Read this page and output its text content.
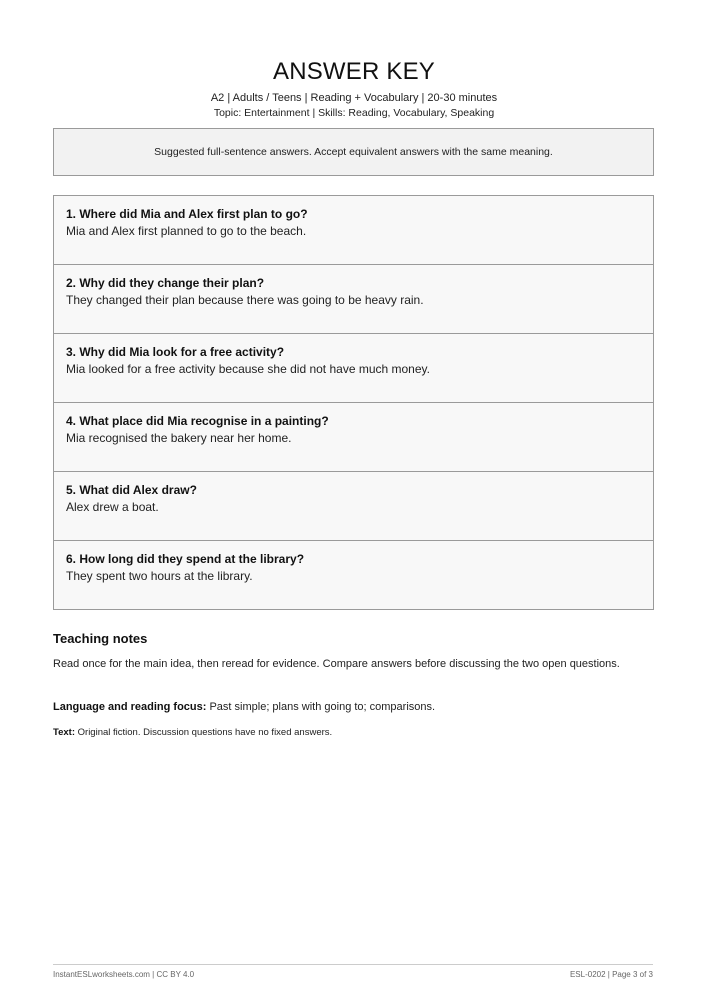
ANSWER KEY
A2 | Adults / Teens | Reading + Vocabulary | 20-30 minutes
Topic: Entertainment | Skills: Reading, Vocabulary, Speaking
Suggested full-sentence answers. Accept equivalent answers with the same meaning.
1. Where did Mia and Alex first plan to go?
Mia and Alex first planned to go to the beach.
2. Why did they change their plan?
They changed their plan because there was going to be heavy rain.
3. Why did Mia look for a free activity?
Mia looked for a free activity because she did not have much money.
4. What place did Mia recognise in a painting?
Mia recognised the bakery near her home.
5. What did Alex draw?
Alex drew a boat.
6. How long did they spend at the library?
They spent two hours at the library.
Teaching notes
Read once for the main idea, then reread for evidence. Compare answers before discussing the two open questions.
Language and reading focus: Past simple; plans with going to; comparisons.
Text: Original fiction. Discussion questions have no fixed answers.
InstantESLworksheets.com | CC BY 4.0	ESL-0202 | Page 3 of 3
